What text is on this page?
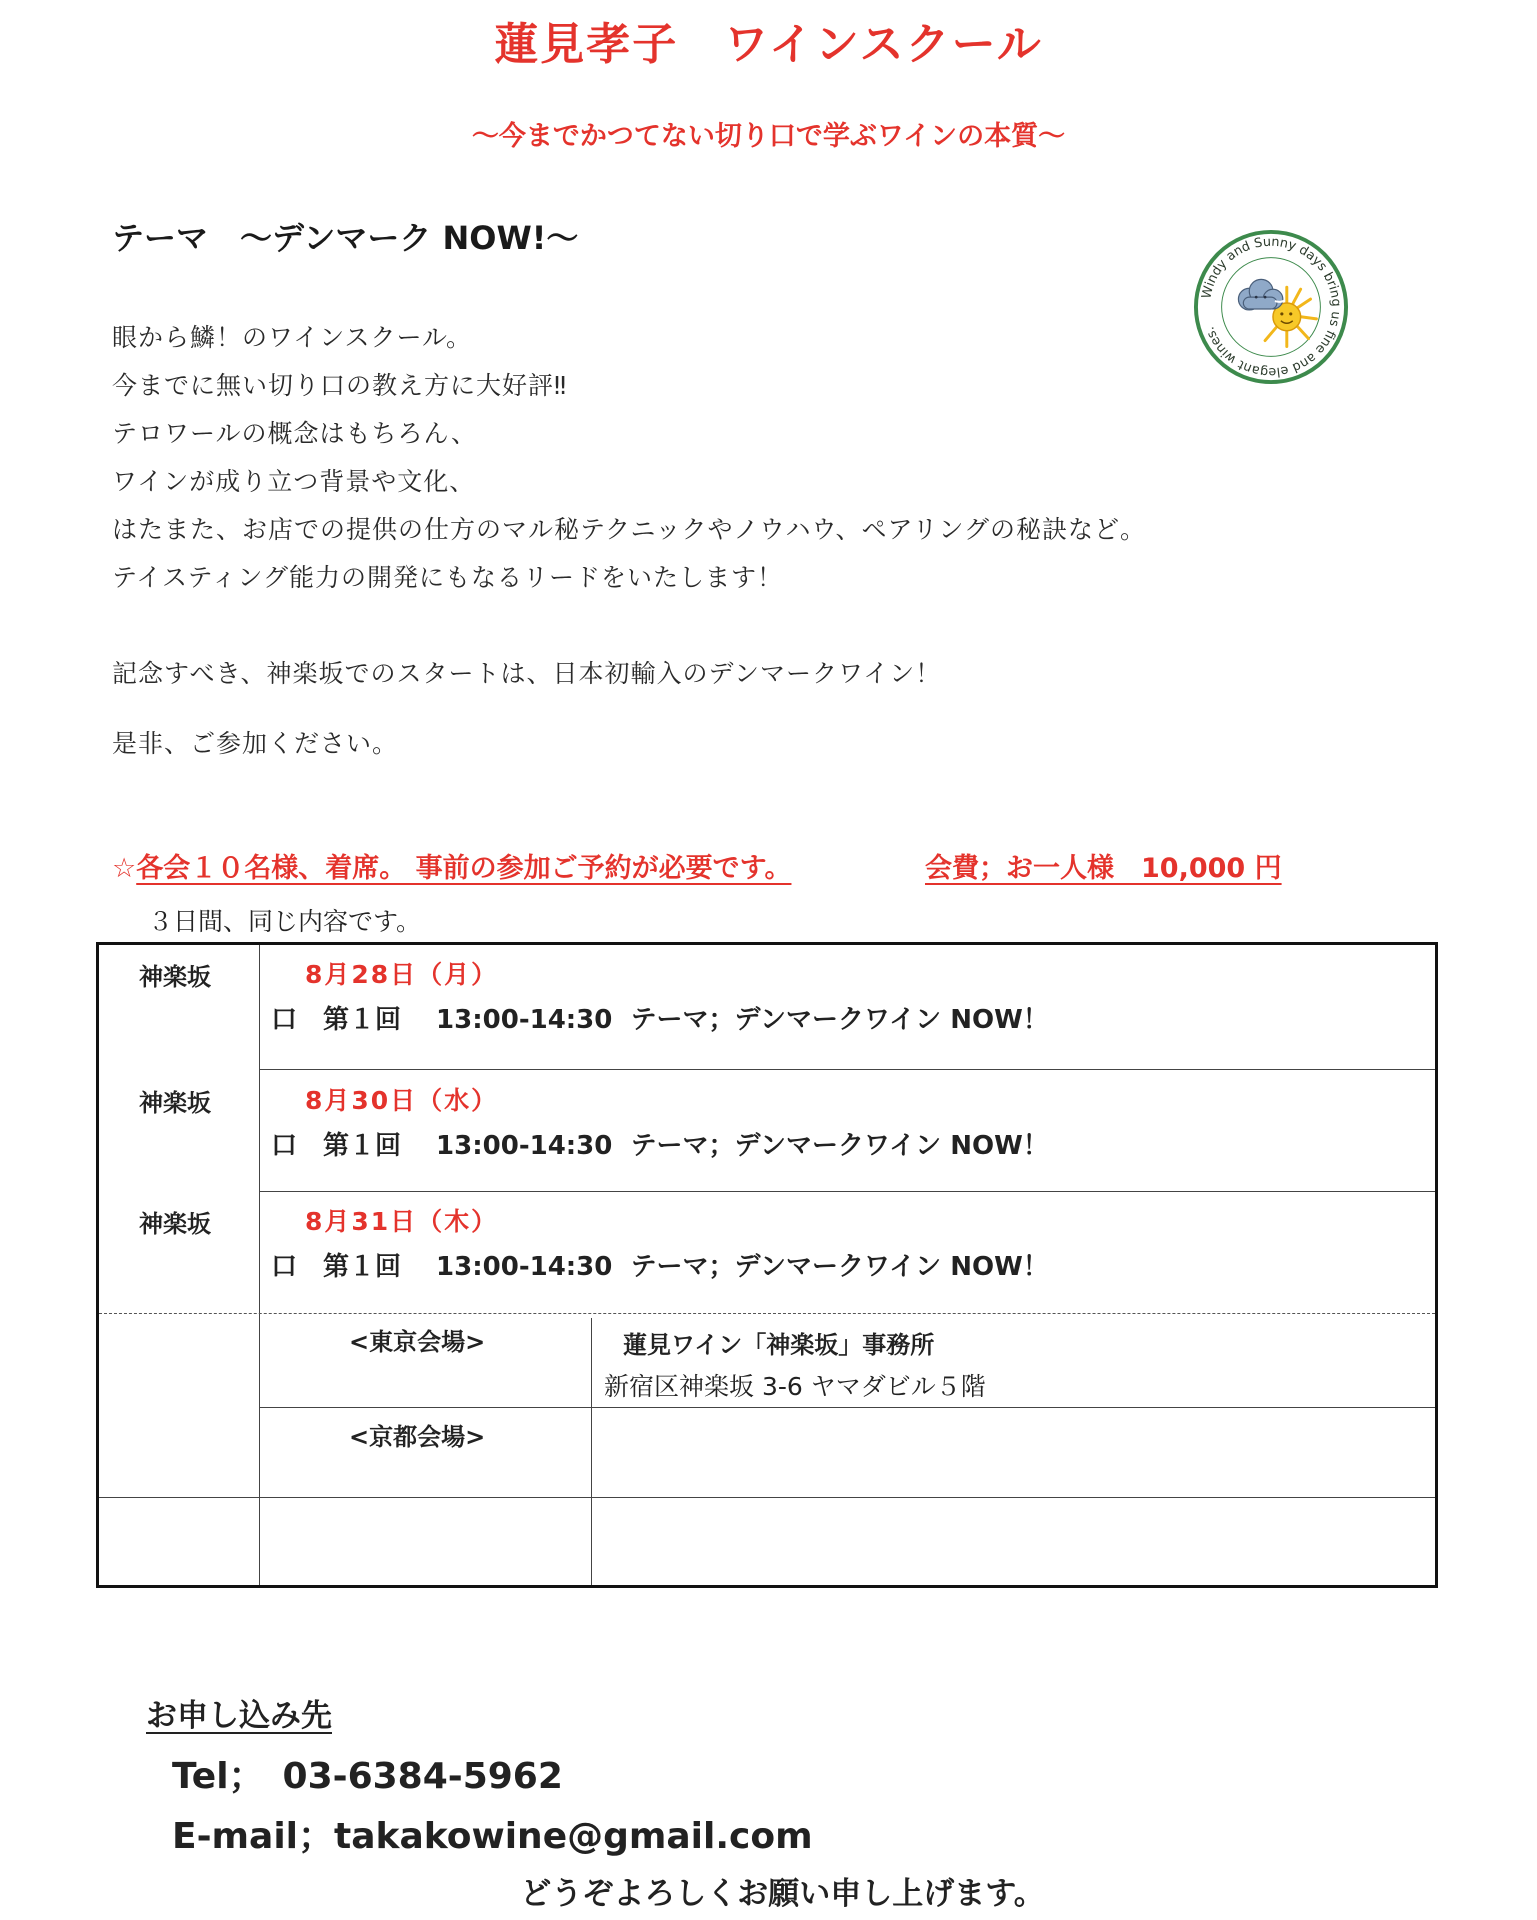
蓮見孝子　ワインスクール
～今までかつてない切り口で学ぶワインの本質～
テーマ　～デンマーク NOW!～
Windy and Sunny days bring us fine and elegant wines.
眼から鱗！のワインスクール。
今までに無い切り口の教え方に大好評‼
テロワールの概念はもちろん、
ワインが成り立つ背景や文化、
はたまた、お店での提供の仕方のマル秘テクニックやノウハウ、ペアリングの秘訣など。
テイスティング能力の開発にもなるリードをいたします！
記念すべき、神楽坂でのスタートは、日本初輸入のデンマークワイン！
是非、ご参加ください。
☆各会１０名様、着席。 事前の参加ご予約が必要です。	会費；お一人様　10,000 円
３日間、同じ内容です。
神楽坂	8月28日（月）
口　第１回　 13:00-14:30  テーマ；デンマークワイン NOW！
神楽坂	8月30日（水）
口　第１回　 13:00-14:30  テーマ；デンマークワイン NOW！
神楽坂	8月31日（木）
口　第１回　 13:00-14:30  テーマ；デンマークワイン NOW！
<東京会場>	蓮見ワイン「神楽坂」事務所
新宿区神楽坂 3-6 ヤマダビル５階
<京都会場>
お申し込み先
Tel；　03-6384-5962
E-mail；takakowine@gmail.com
どうぞよろしくお願い申し上げます。
